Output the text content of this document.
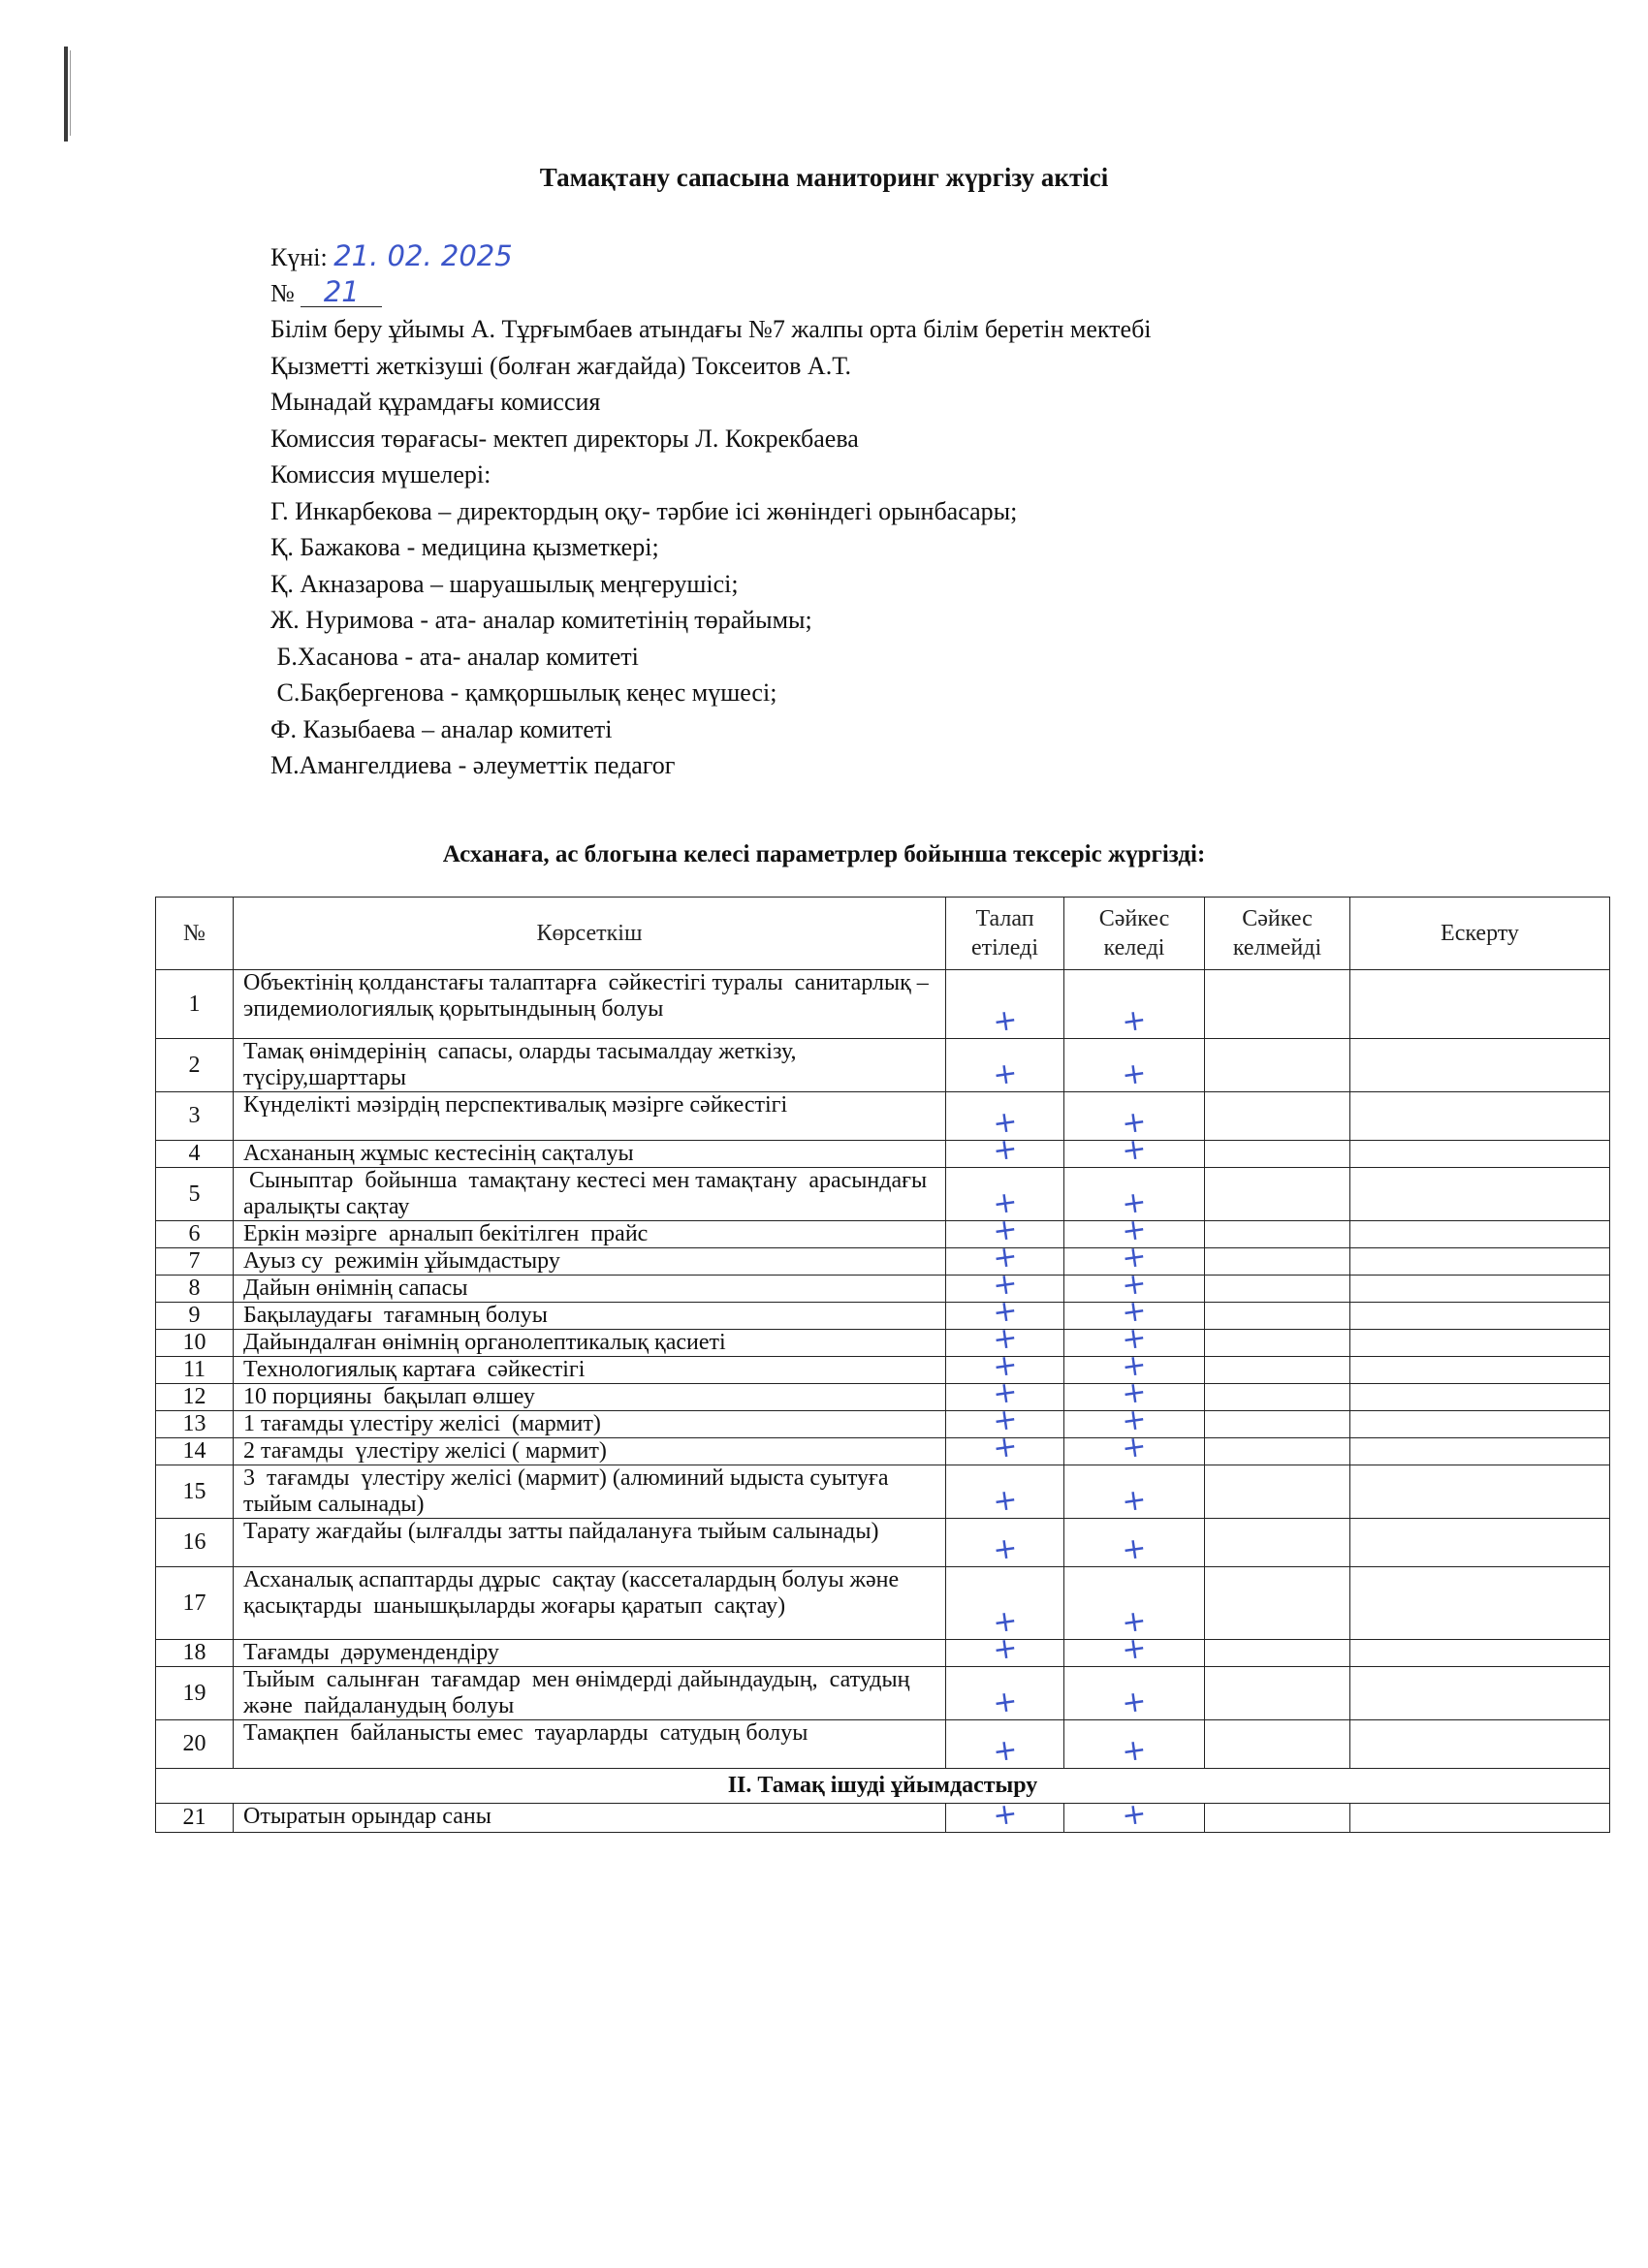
Тамақтану сапасына маниторинг жүргізу актісі
Күні: 21. 02. 2025
№ 21
Білім беру ұйымы А. Тұрғымбаев атындағы №7 жалпы орта білім беретін мектебі
Қызметті жеткізуші (болған жағдайда) Токсеитов А.Т.
Мынадай құрамдағы комиссия
Комиссия төрағасы- мектеп директоры Л. Кокрекбаева
Комиссия мүшелері:
Г. Инкарбекова – директордың оқу- тәрбие ісі жөніндегі орынбасары;
Қ. Бажакова - медицина қызметкері;
Қ. Акназарова – шаруашылық меңгерушісі;
Ж. Нуримова - ата- аналар комитетінің төрайымы;
Б.Хасанова - ата- аналар комитеті
С.Бақбергенова - қамқоршылық кеңес мүшесі;
Ф. Казыбаева – аналар комитеті
М.Амангелдиева - әлеуметтік педагог
Асханаға, ас блогына келесі параметрлер бойынша тексеріс жүргізді:
№	Көрсеткіш	Талап етіледі	Сәйкес келеді	Сәйкес келмейді	Ескерту
1	Объектінің қолданстағы талаптарға  сәйкестігі туралы  санитарлық – эпидемиологиялық қорытындының болуы	+	+		

2	Тамақ өнімдерінің  сапасы, оларды тасымалдау жеткізу, түсіру,шарттары	+	+		

3	Күнделікті мәзірдің перспективалық мәзірге сәйкестігі	+	+		

4	Асхананың жұмыс кестесінің сақталуы	+	+		

5	Сыныптар  бойынша  тамақтану кестесі мен тамақтану  арасындағы  аралықты сақтау	+	+		

6	Еркін мәзірге  арналып бекітілген  прайс	+	+		

7	Ауыз су  режимін ұйымдастыру	+	+		

8	Дайын өнімнің сапасы	+	+		

9	Бақылаудағы  тағамның болуы	+	+		

10	Дайындалған өнімнің органолептикалық қасиеті	+	+		

11	Технологиялық картаға  сәйкестігі	+	+		

12	10 порцияны  бақылап өлшеу	+	+		

13	1 тағамды үлестіру желісі  (мармит)	+	+		

14	2 тағамды  үлестіру желісі ( мармит)	+	+		

15	3  тағамды  үлестіру желісі (мармит) (алюминий ыдыста суытуға тыйым салынады)	+	+		

16	Тарату жағдайы (ылғалды затты пайдалануға тыйым салынады)	+	+		

17	Асханалық аспаптарды дұрыс  сақтау (кассеталардың болуы және қасықтарды  шанышқыларды жоғары қаратып  сақтау)	+	+		

18	Тағамды  дәрумендендіру	+	+		

19	Тыйым  салынған  тағамдар  мен өнімдерді дайындаудың,  сатудың  және  пайдаланудың болуы	+	+		

20	Тамақпен  байланысты емес  тауарларды  сатудың болуы	+	+		

II. Тамақ ішуді ұйымдастыру					
21	Отыратын орындар саны	+	+		
